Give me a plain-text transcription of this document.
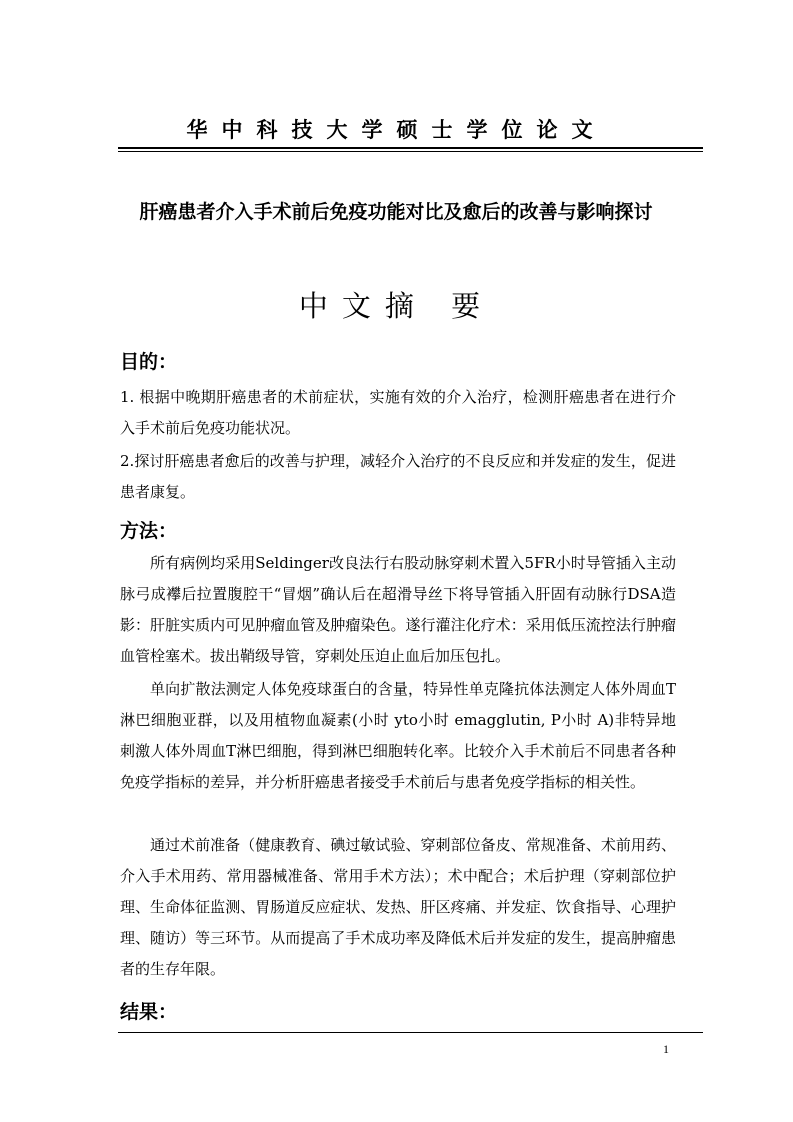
华中科技大学硕士学位论文
肝癌患者介入手术前后免疫功能对比及愈后的改善与影响探讨
中文摘 要
目的：

1. 根据中晚期肝癌患者的术前症状，实施有效的介入治疗，检测肝癌患者在进行介入手术前后免疫功能状况。

2.探讨肝癌患者愈后的改善与护理，减轻介入治疗的不良反应和并发症的发生，促进患者康复。

方法：

所有病例均采用Seldinger改良法行右股动脉穿刺术置入5FR小时导管插入主动脉弓成襻后拉置腹腔干“冒烟”确认后在超滑导丝下将导管插入肝固有动脉行DSA造影：肝脏实质内可见肿瘤血管及肿瘤染色。遂行灌注化疗术：采用低压流控法行肿瘤血管栓塞术。拔出鞘级导管，穿刺处压迫止血后加压包扎。

单向扩散法测定人体免疫球蛋白的含量，特异性单克隆抗体法测定人体外周血T淋巴细胞亚群，以及用植物血凝素(小时 yto小时 emagglutin, P小时 A)非特异地刺激人体外周血T淋巴细胞，得到淋巴细胞转化率。比较介入手术前后不同患者各种免疫学指标的差异，并分析肝癌患者接受手术前后与患者免疫学指标的相关性。

通过术前准备（健康教育、碘过敏试验、穿刺部位备皮、常规准备、术前用药、介入手术用药、常用器械准备、常用手术方法）；术中配合；术后护理（穿刺部位护理、生命体征监测、胃肠道反应症状、发热、肝区疼痛、并发症、饮食指导、心理护理、随访）等三环节。从而提高了手术成功率及降低术后并发症的发生，提高肿瘤患者的生存年限。

结果：
1
